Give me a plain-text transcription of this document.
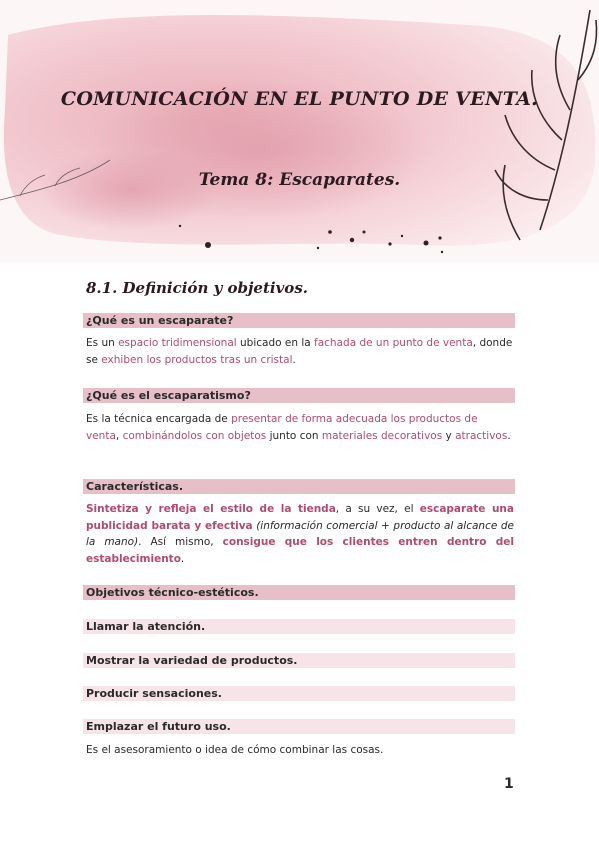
COMUNICACIÓN EN EL PUNTO DE VENTA.
Tema 8: Escaparates.
8.1. Definición y objetivos.
¿Qué es un escaparate?
Es un espacio tridimensional ubicado en la fachada de un punto de venta, donde se exhiben los productos tras un cristal.
¿Qué es el escaparatismo?
Es la técnica encargada de presentar de forma adecuada los productos de venta, combinándolos con objetos junto con materiales decorativos y atractivos.
Características.
Sintetiza y refleja el estilo de la tienda, a su vez, el escaparate una publicidad barata y efectiva (información comercial + producto al alcance de la mano). Así mismo, consigue que los clientes entren dentro del establecimiento.
Objetivos técnico-estéticos.
Llamar la atención.
Mostrar la variedad de productos.
Producir sensaciones.
Emplazar el futuro uso.
Es el asesoramiento o idea de cómo combinar las cosas.
1
